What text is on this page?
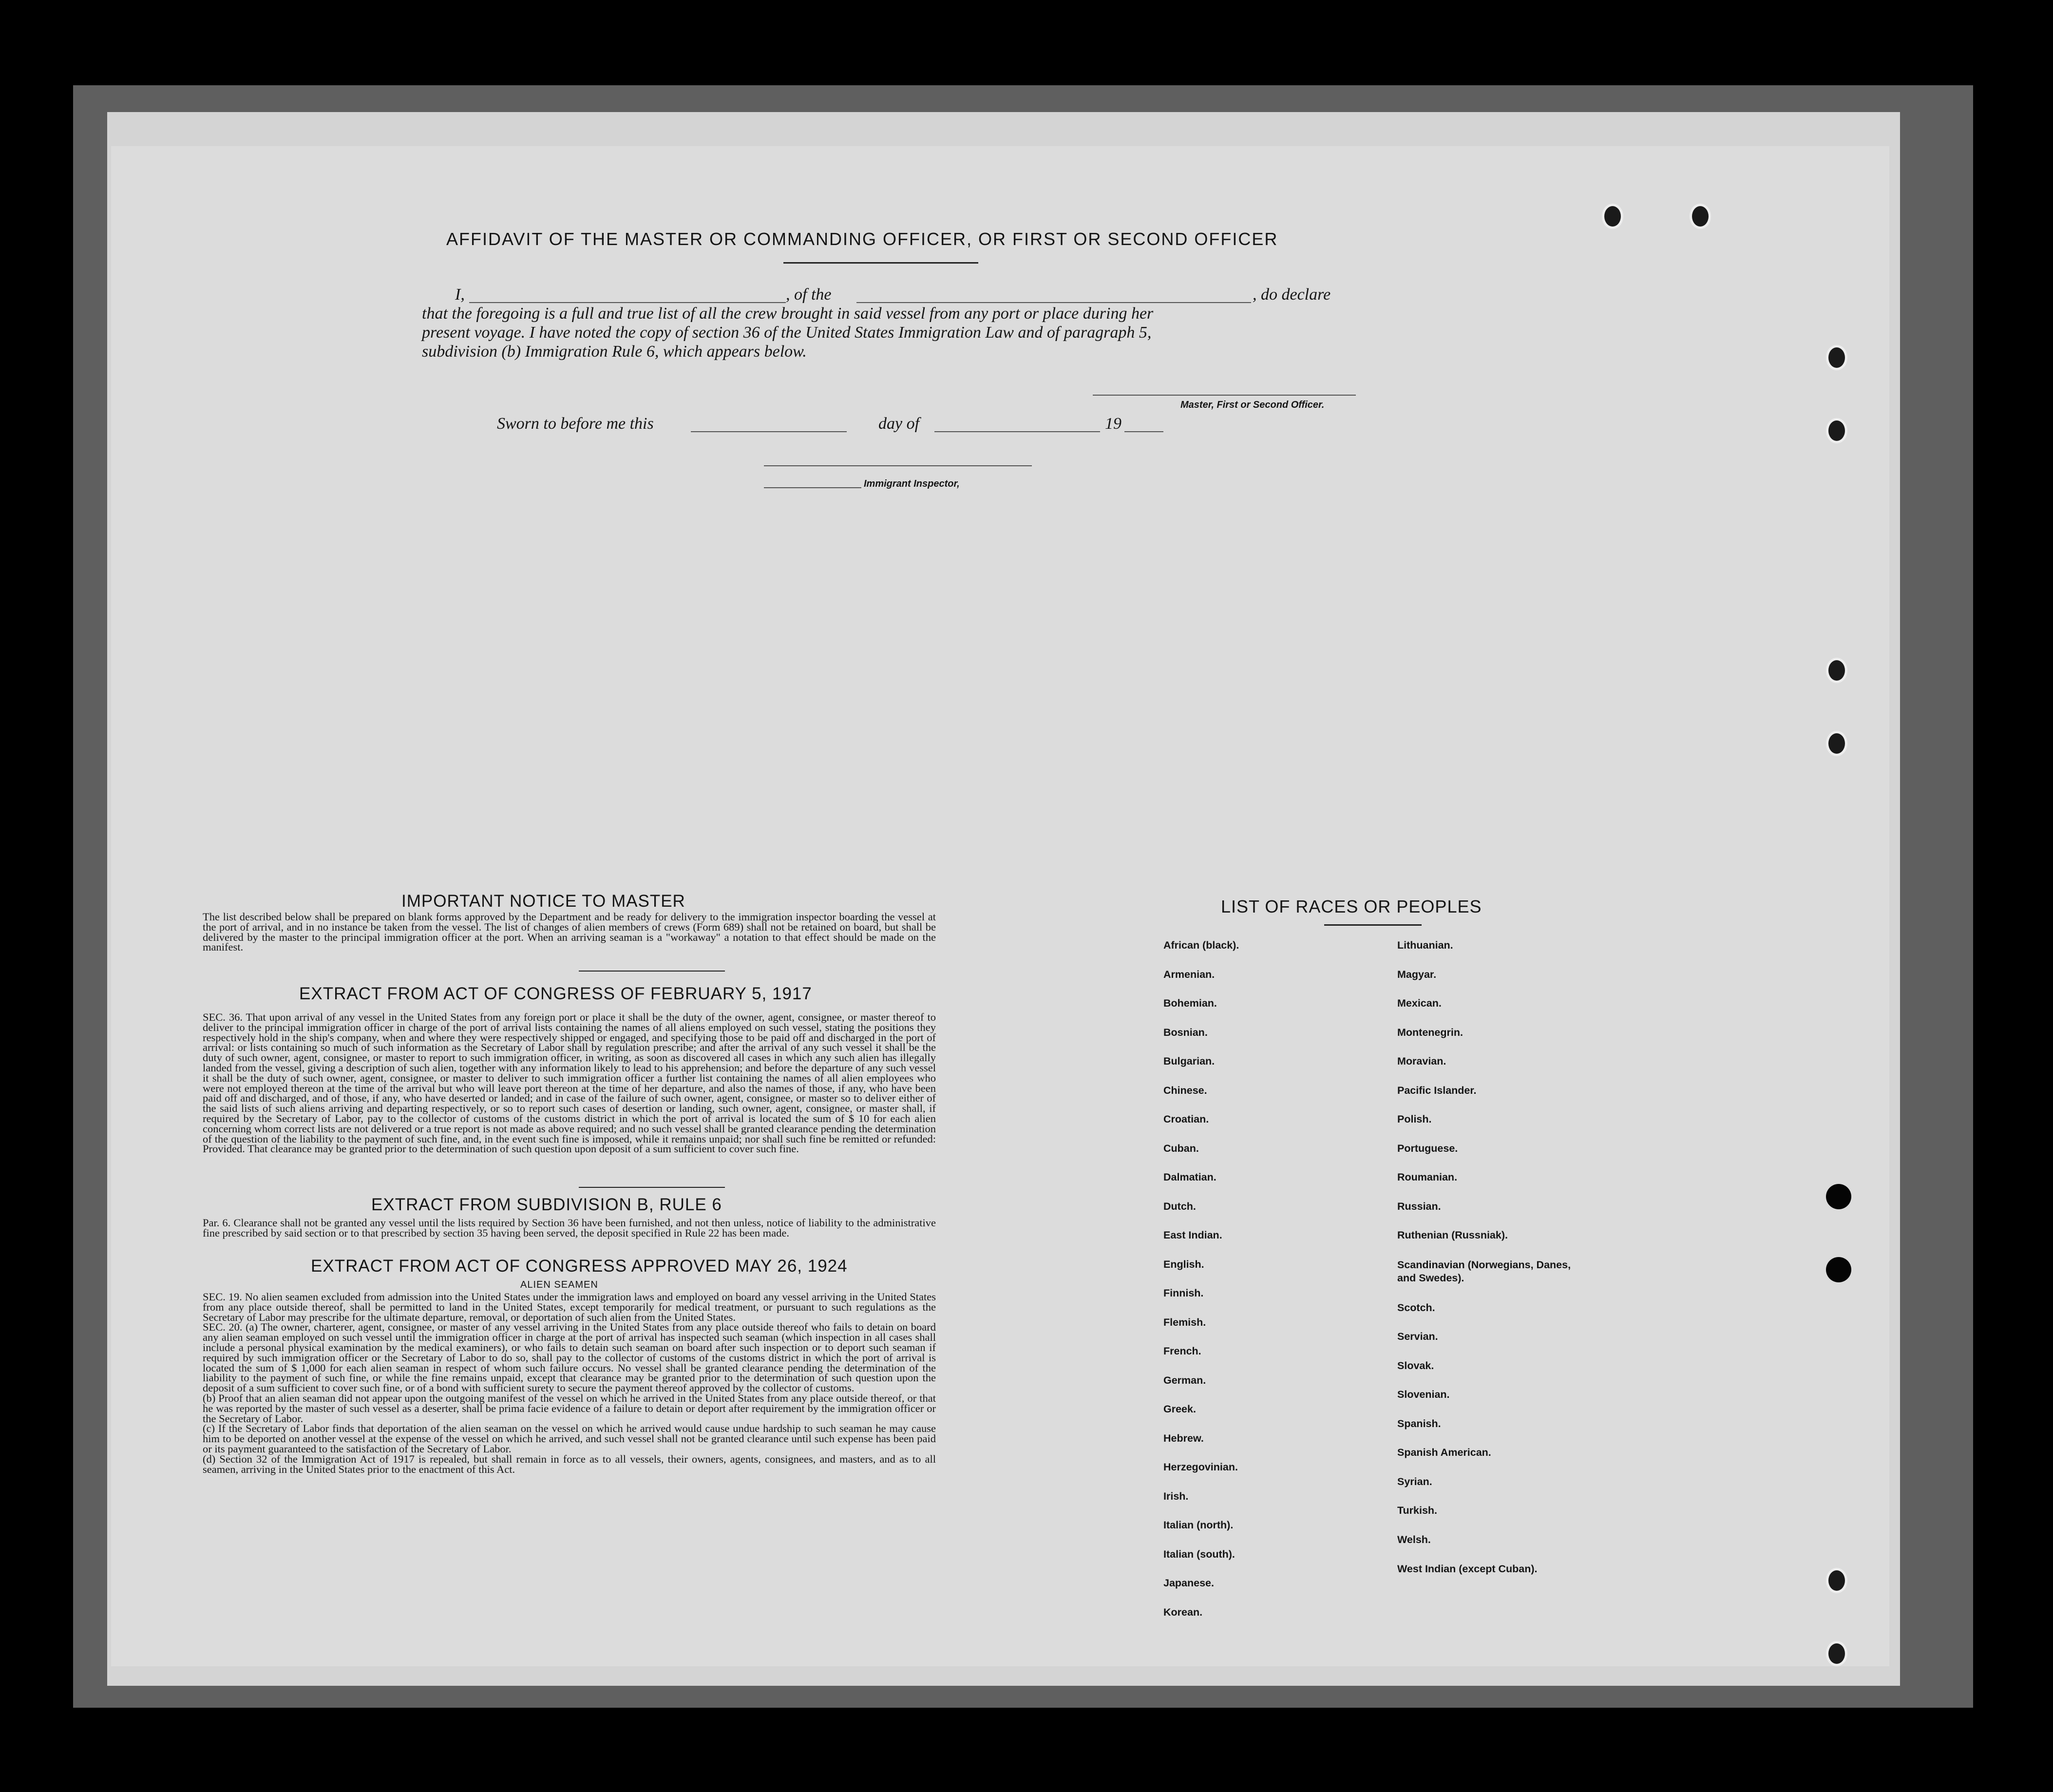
AFFIDAVIT OF THE MASTER OR COMMANDING OFFICER, OR FIRST OR SECOND OFFICER
I,	, of the	, do declare
that the foregoing is a full and true list of all the crew brought in said vessel from any port or place during her
present voyage. I have noted the copy of section 36 of the United States Immigration Law and of paragraph 5,
subdivision (b) Immigration Rule 6, which appears below.
Master, First or Second Officer.
Sworn to before me this	day of	19
Immigrant Inspector,
IMPORTANT NOTICE TO MASTER
The list described below shall be prepared on blank forms approved by the Department and be ready for delivery to the immigration inspector boarding the vessel at the port of arrival, and in no instance be taken from the vessel. The list of changes of alien members of crews (Form 689) shall not be retained on board, but shall be delivered by the master to the principal immigration officer at the port. When an arriving seaman is a "workaway" a notation to that effect should be made on the manifest.
EXTRACT FROM ACT OF CONGRESS OF FEBRUARY 5, 1917
SEC. 36. That upon arrival of any vessel in the United States from any foreign port or place it shall be the duty of the owner, agent, consignee, or master thereof to deliver to the principal immigration officer in charge of the port of arrival lists containing the names of all aliens employed on such vessel, stating the positions they respectively hold in the ship's company, when and where they were respectively shipped or engaged, and specifying those to be paid off and discharged in the port of arrival: or lists containing so much of such information as the Secretary of Labor shall by regulation prescribe; and after the arrival of any such vessel it shall be the duty of such owner, agent, consignee, or master to report to such immigration officer, in writing, as soon as discovered all cases in which any such alien has illegally landed from the vessel, giving a description of such alien, together with any information likely to lead to his apprehension; and before the departure of any such vessel it shall be the duty of such owner, agent, consignee, or master to deliver to such immigration officer a further list containing the names of all alien employees who were not employed thereon at the time of the arrival but who will leave port thereon at the time of her departure, and also the names of those, if any, who have been paid off and discharged, and of those, if any, who have deserted or landed; and in case of the failure of such owner, agent, consignee, or master so to deliver either of the said lists of such aliens arriving and departing respectively, or so to report such cases of desertion or landing, such owner, agent, consignee, or master shall, if required by the Secretary of Labor, pay to the collector of customs of the customs district in which the port of arrival is located the sum of $ 10 for each alien concerning whom correct lists are not delivered or a true report is not made as above required; and no such vessel shall be granted clearance pending the determination of the question of the liability to the payment of such fine, and, in the event such fine is imposed, while it remains unpaid; nor shall such fine be remitted or refunded: Provided. That clearance may be granted prior to the determination of such question upon deposit of a sum sufficient to cover such fine.
EXTRACT FROM SUBDIVISION B, RULE 6
Par. 6. Clearance shall not be granted any vessel until the lists required by Section 36 have been furnished, and not then unless, notice of liability to the administrative fine prescribed by said section or to that prescribed by section 35 having been served, the deposit specified in Rule 22 has been made.
EXTRACT FROM ACT OF CONGRESS APPROVED MAY 26, 1924
ALIEN SEAMEN

SEC. 19. No alien seamen excluded from admission into the United States under the immigration laws and employed on board any vessel arriving in the United States from any place outside thereof, shall be permitted to land in the United States, except temporarily for medical treatment, or pursuant to such regulations as the Secretary of Labor may prescribe for the ultimate departure, removal, or deportation of such alien from the United States.

SEC. 20. (a) The owner, charterer, agent, consignee, or master of any vessel arriving in the United States from any place outside thereof who fails to detain on board any alien seaman employed on such vessel until the immigration officer in charge at the port of arrival has inspected such seaman (which inspection in all cases shall include a personal physical examination by the medical examiners), or who fails to detain such seaman on board after such inspection or to deport such seaman if required by such immigration officer or the Secretary of Labor to do so, shall pay to the collector of customs of the customs district in which the port of arrival is located the sum of $ 1,000 for each alien seaman in respect of whom such failure occurs. No vessel shall be granted clearance pending the determination of the liability to the payment of such fine, or while the fine remains unpaid, except that clearance may be granted prior to the determination of such question upon the deposit of a sum sufficient to cover such fine, or of a bond with sufficient surety to secure the payment thereof approved by the collector of customs.

(b) Proof that an alien seaman did not appear upon the outgoing manifest of the vessel on which he arrived in the United States from any place outside thereof, or that he was reported by the master of such vessel as a deserter, shall be prima facie evidence of a failure to detain or deport after requirement by the immigration officer or the Secretary of Labor.

(c) If the Secretary of Labor finds that deportation of the alien seaman on the vessel on which he arrived would cause undue hardship to such seaman he may cause him to be deported on another vessel at the expense of the vessel on which he arrived, and such vessel shall not be granted clearance until such expense has been paid or its payment guaranteed to the satisfaction of the Secretary of Labor.

(d) Section 32 of the Immigration Act of 1917 is repealed, but shall remain in force as to all vessels, their owners, agents, consignees, and masters, and as to all seamen, arriving in the United States prior to the enactment of this Act.

LIST OF RACES OR PEOPLES
African (black).
Armenian.
Bohemian.
Bosnian.
Bulgarian.
Chinese.
Croatian.
Cuban.
Dalmatian.
Dutch.
East Indian.
English.
Finnish.
Flemish.
French.
German.
Greek.
Hebrew.
Herzegovinian.
Irish.
Italian (north).
Italian (south).
Japanese.
Korean.
Lithuanian.
Magyar.
Mexican.
Montenegrin.
Moravian.
Pacific Islander.
Polish.
Portuguese.
Roumanian.
Russian.
Ruthenian (Russniak).
Scandinavian (Norwegians, Danes, and Swedes).
Scotch.
Servian.
Slovak.
Slovenian.
Spanish.
Spanish American.
Syrian.
Turkish.
Welsh.
West Indian (except Cuban).
